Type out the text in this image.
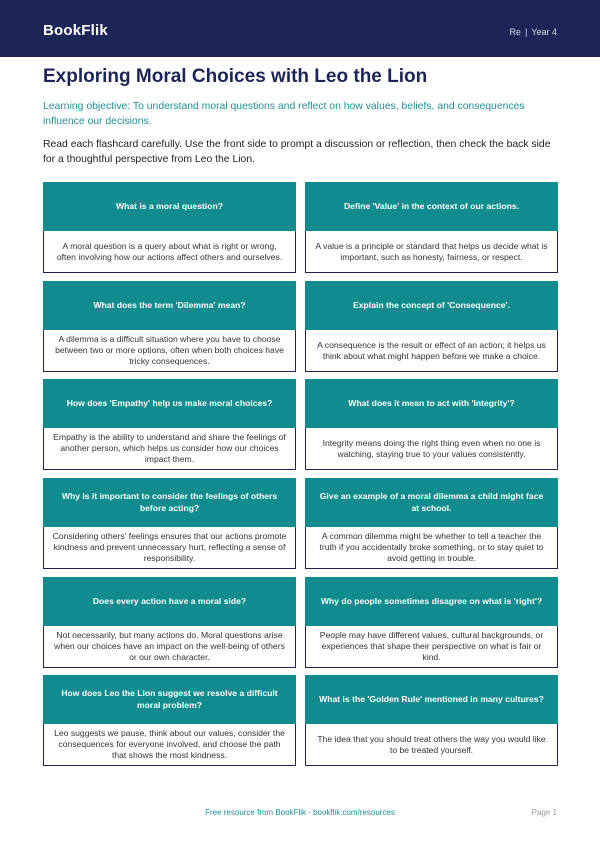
BookFlik	Re | Year 4
Exploring Moral Choices with Leo the Lion

Learning objective: To understand moral questions and reflect on how values, beliefs, and consequences influence our decisions.

Read each flashcard carefully. Use the front side to prompt a discussion or reflection, then check the back side for a thoughtful perspective from Leo the Lion.

What is a moral question?
A moral question is a query about what is right or wrong, often involving how our actions affect others and ourselves.
Define 'Value' in the context of our actions.
A value is a principle or standard that helps us decide what is important, such as honesty, fairness, or respect.
What does the term 'Dilemma' mean?
A dilemma is a difficult situation where you have to choose between two or more options, often when both choices have tricky consequences.
Explain the concept of 'Consequence'.
A consequence is the result or effect of an action; it helps us think about what might happen before we make a choice.
How does 'Empathy' help us make moral choices?
Empathy is the ability to understand and share the feelings of another person, which helps us consider how our choices impact them.
What does it mean to act with 'Integrity'?
Integrity means doing the right thing even when no one is watching, staying true to your values consistently.
Why is it important to consider the feelings of others before acting?
Considering others' feelings ensures that our actions promote kindness and prevent unnecessary hurt, reflecting a sense of responsibility.
Give an example of a moral dilemma a child might face at school.
A common dilemma might be whether to tell a teacher the truth if you accidentally broke something, or to stay quiet to avoid getting in trouble.
Does every action have a moral side?
Not necessarily, but many actions do. Moral questions arise when our choices have an impact on the well-being of others or our own character.
Why do people sometimes disagree on what is 'right'?
People may have different values, cultural backgrounds, or experiences that shape their perspective on what is fair or kind.
How does Leo the Lion suggest we resolve a difficult moral problem?
Leo suggests we pause, think about our values, consider the consequences for everyone involved, and choose the path that shows the most kindness.
What is the 'Golden Rule' mentioned in many cultures?
The idea that you should treat others the way you would like to be treated yourself.
Free resource from BookFlik · bookflik.com/resources	Page 1
